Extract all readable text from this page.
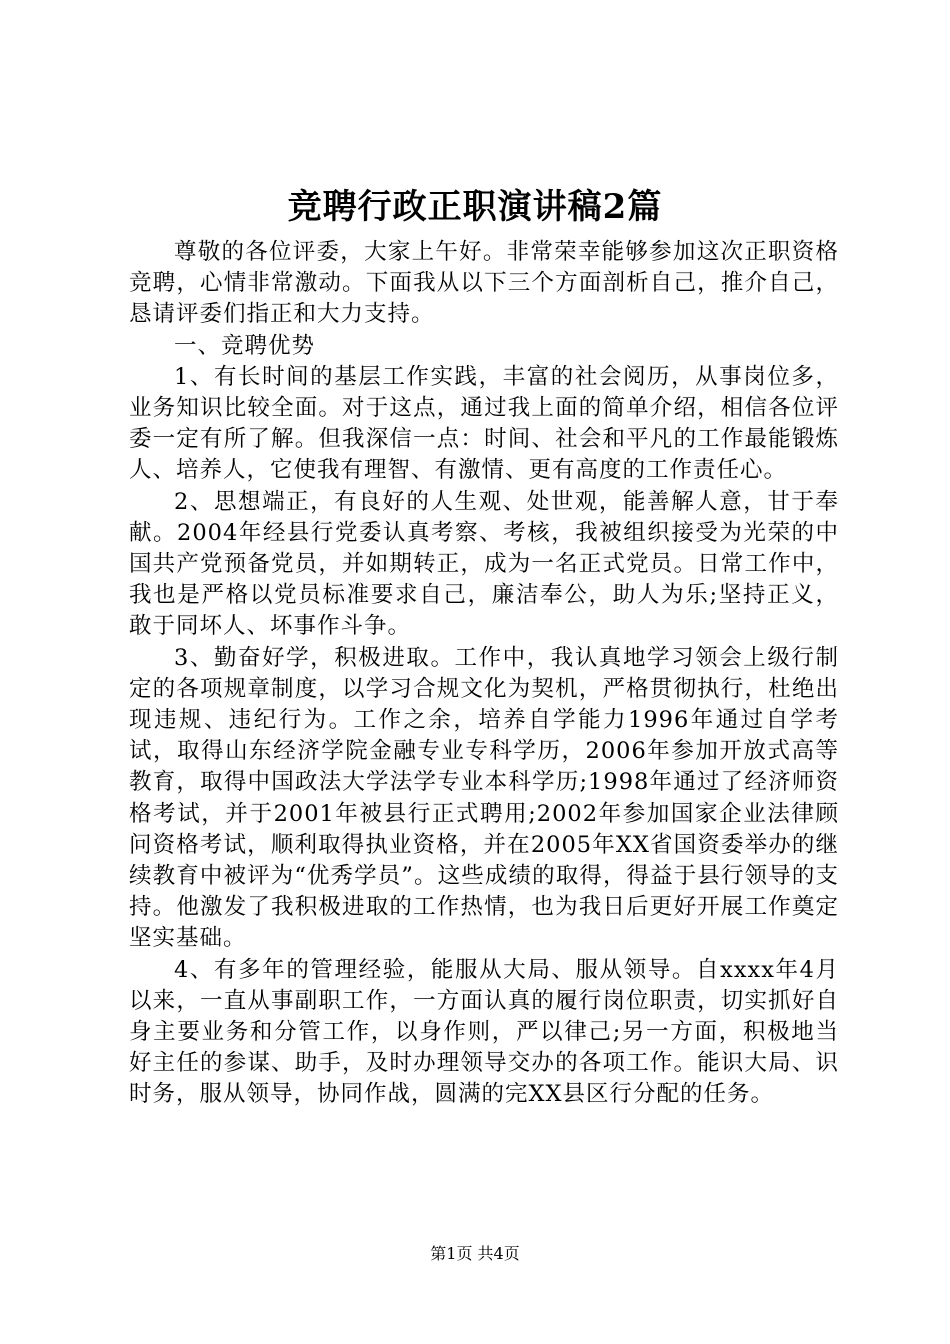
竞聘行政正职演讲稿2篇

尊敬的各位评委，大家上午好。非常荣幸能够参加这次正职资格竞聘，心情非常激动。下面我从以下三个方面剖析自己，推介自己，恳请评委们指正和大力支持。

一、竞聘优势

1、有长时间的基层工作实践，丰富的社会阅历，从事岗位多，业务知识比较全面。对于这点，通过我上面的简单介绍，相信各位评委一定有所了解。但我深信一点：时间、社会和平凡的工作最能锻炼人、培养人，它使我有理智、有激情、更有高度的工作责任心。

2、思想端正，有良好的人生观、处世观，能善解人意，甘于奉献。2004年经县行党委认真考察、考核，我被组织接受为光荣的中国共产党预备党员，并如期转正，成为一名正式党员。日常工作中，我也是严格以党员标准要求自己，廉洁奉公，助人为乐;坚持正义，敢于同坏人、坏事作斗争。

3、勤奋好学，积极进取。工作中，我认真地学习领会上级行制定的各项规章制度，以学习合规文化为契机，严格贯彻执行，杜绝出现违规、违纪行为。工作之余，培养自学能力1996年通过自学考试，取得山东经济学院金融专业专科学历，2006年参加开放式高等教育，取得中国政法大学法学专业本科学历;1998年通过了经济师资格考试，并于2001年被县行正式聘用;2002年参加国家企业法律顾问资格考试，顺利取得执业资格，并在2005年XX省国资委举办的继续教育中被评为“优秀学员”。这些成绩的取得，得益于县行领导的支持。他激发了我积极进取的工作热情，也为我日后更好开展工作奠定坚实基础。

4、有多年的管理经验，能服从大局、服从领导。自xxxx年4月以来，一直从事副职工作，一方面认真的履行岗位职责，切实抓好自身主要业务和分管工作，以身作则，严以律己;另一方面，积极地当好主任的参谋、助手，及时办理领导交办的各项工作。能识大局、识时务，服从领导，协同作战，圆满的完XX县区行分配的任务。

第1页 共4页
